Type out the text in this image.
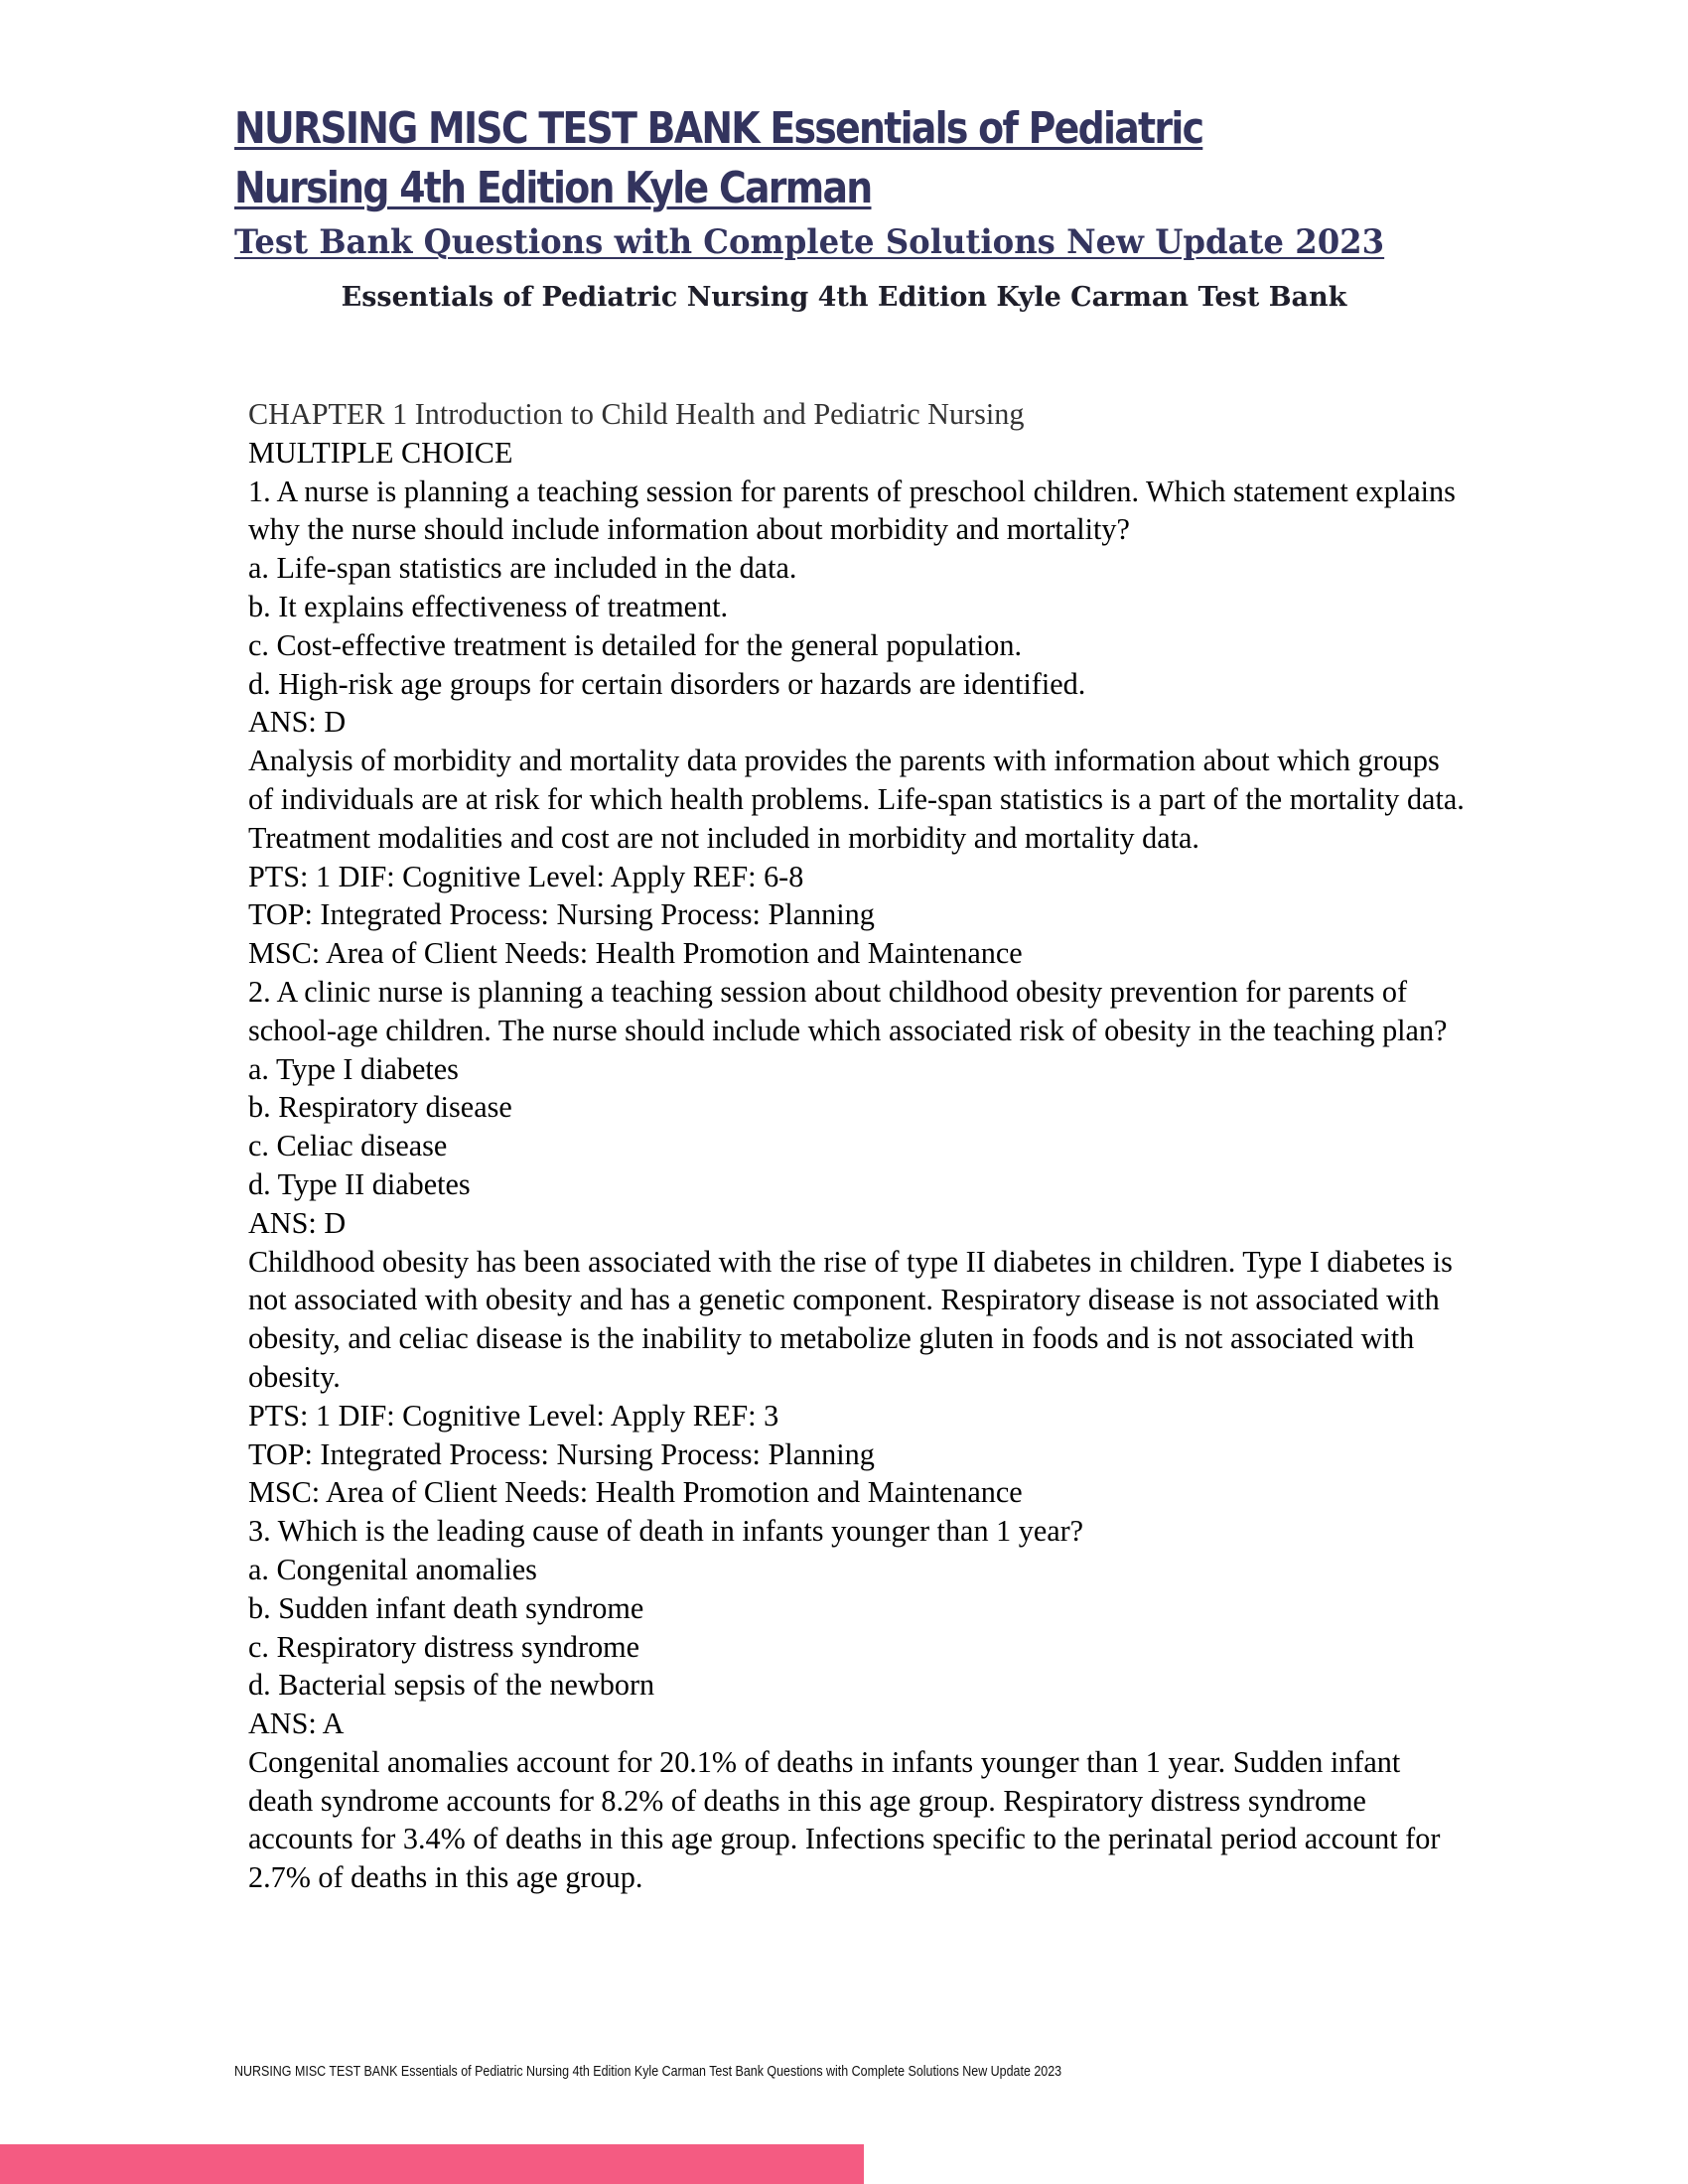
NURSING MISC TEST BANK Essentials of Pediatric Nursing 4th Edition Kyle Carman
Test Bank Questions with Complete Solutions New Update 2023
Essentials of Pediatric Nursing 4th Edition Kyle Carman Test Bank
CHAPTER 1 Introduction to Child Health and Pediatric Nursing
MULTIPLE CHOICE
1. A nurse is planning a teaching session for parents of preschool children. Which statement explains why the nurse should include information about morbidity and mortality?
a. Life-span statistics are included in the data.
b. It explains effectiveness of treatment.
c. Cost-effective treatment is detailed for the general population.
d. High-risk age groups for certain disorders or hazards are identified.
ANS: D
Analysis of morbidity and mortality data provides the parents with information about which groups of individuals are at risk for which health problems. Life-span statistics is a part of the mortality data. Treatment modalities and cost are not included in morbidity and mortality data.
PTS: 1 DIF: Cognitive Level: Apply REF: 6-8
TOP: Integrated Process: Nursing Process: Planning
MSC: Area of Client Needs: Health Promotion and Maintenance
2. A clinic nurse is planning a teaching session about childhood obesity prevention for parents of school-age children. The nurse should include which associated risk of obesity in the teaching plan?
a. Type I diabetes
b. Respiratory disease
c. Celiac disease
d. Type II diabetes
ANS: D
Childhood obesity has been associated with the rise of type II diabetes in children. Type I diabetes is not associated with obesity and has a genetic component. Respiratory disease is not associated with obesity, and celiac disease is the inability to metabolize gluten in foods and is not associated with obesity.
PTS: 1 DIF: Cognitive Level: Apply REF: 3
TOP: Integrated Process: Nursing Process: Planning
MSC: Area of Client Needs: Health Promotion and Maintenance
3. Which is the leading cause of death in infants younger than 1 year?
a. Congenital anomalies
b. Sudden infant death syndrome
c. Respiratory distress syndrome
d. Bacterial sepsis of the newborn
ANS: A
Congenital anomalies account for 20.1% of deaths in infants younger than 1 year. Sudden infant death syndrome accounts for 8.2% of deaths in this age group. Respiratory distress syndrome accounts for 3.4% of deaths in this age group. Infections specific to the perinatal period account for 2.7% of deaths in this age group.
NURSING MISC TEST BANK Essentials of Pediatric Nursing 4th Edition Kyle Carman Test Bank Questions with Complete Solutions New Update 2023
